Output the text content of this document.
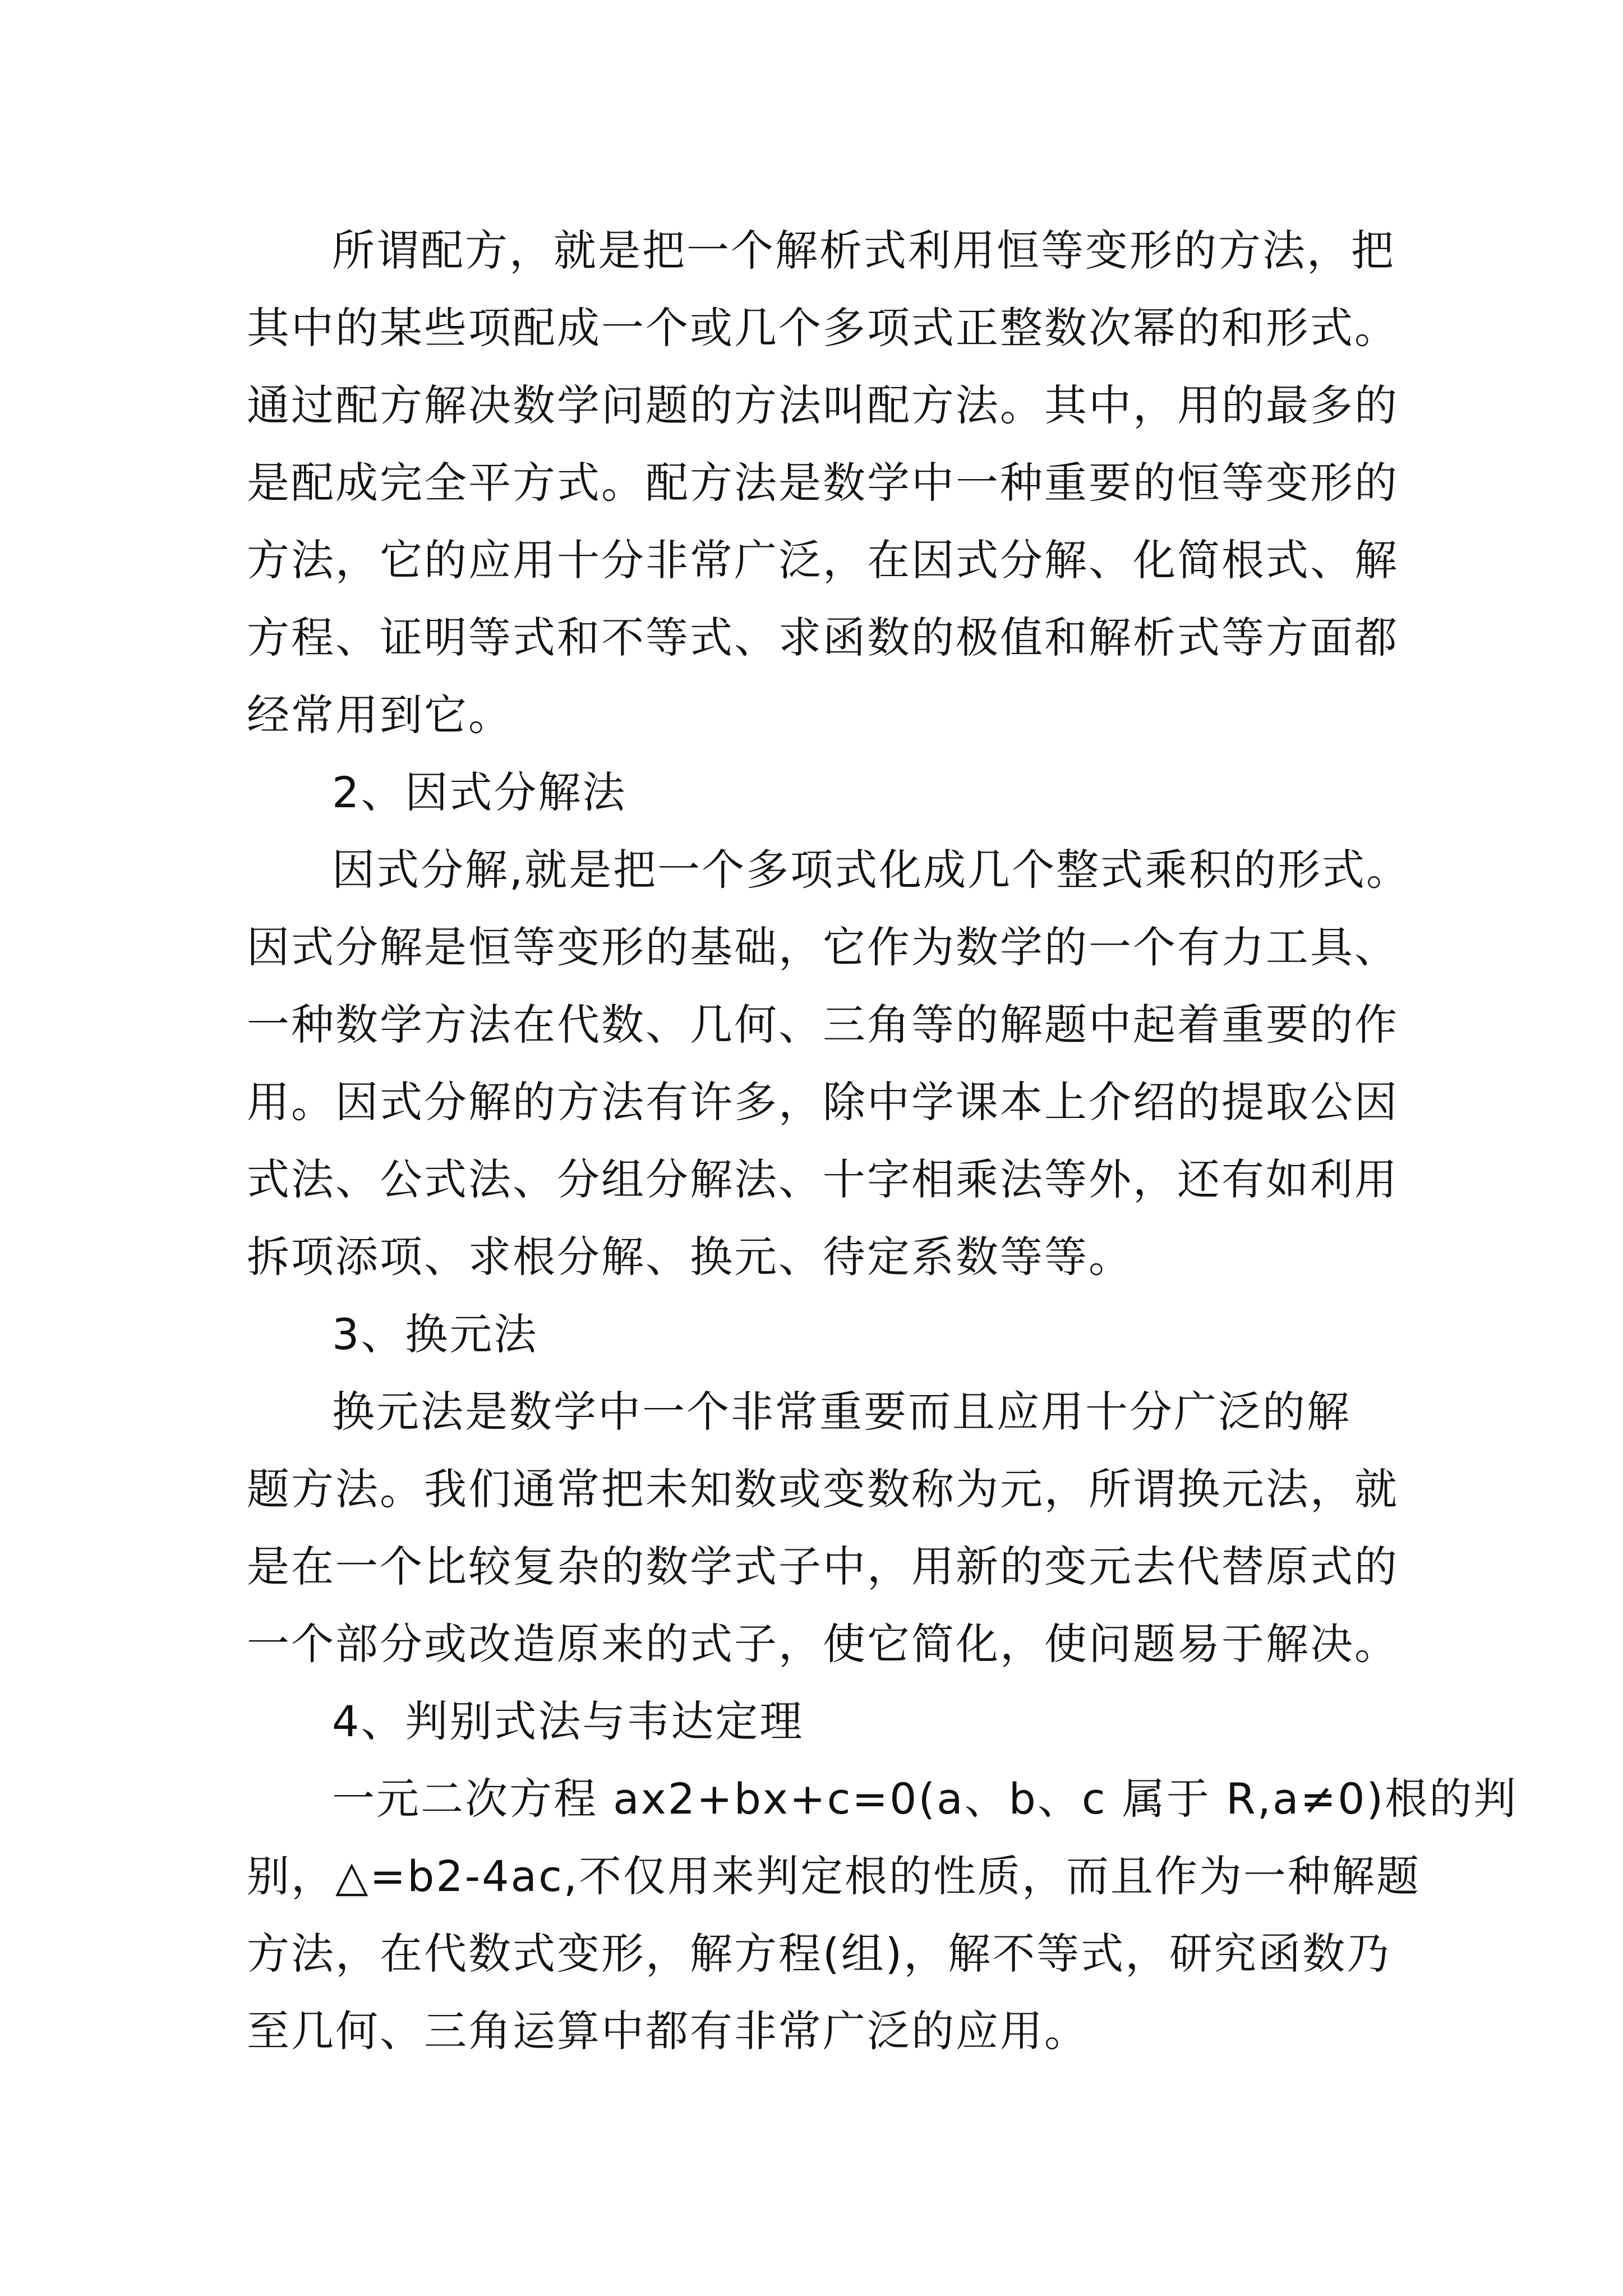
所谓配方，就是把一个解析式利用恒等变形的方法，把
其中的某些项配成一个或几个多项式正整数次幂的和形式。
通过配方解决数学问题的方法叫配方法。其中，用的最多的
是配成完全平方式。配方法是数学中一种重要的恒等变形的
方法，它的应用十分非常广泛，在因式分解、化简根式、解
方程、证明等式和不等式、求函数的极值和解析式等方面都
经常用到它。
2、因式分解法
因式分解,就是把一个多项式化成几个整式乘积的形式。
因式分解是恒等变形的基础，它作为数学的一个有力工具、
一种数学方法在代数、几何、三角等的解题中起着重要的作
用。因式分解的方法有许多，除中学课本上介绍的提取公因
式法、公式法、分组分解法、十字相乘法等外，还有如利用
拆项添项、求根分解、换元、待定系数等等。
3、换元法
换元法是数学中一个非常重要而且应用十分广泛的解
题方法。我们通常把未知数或变数称为元，所谓换元法，就
是在一个比较复杂的数学式子中，用新的变元去代替原式的
一个部分或改造原来的式子，使它简化，使问题易于解决。
4、判别式法与韦达定理
一元二次方程 ax2+bx+c=0(a、b、c 属于 R,a≠0)根的判
别，△=b2-4ac,不仅用来判定根的性质，而且作为一种解题
方法，在代数式变形，解方程(组)，解不等式，研究函数乃
至几何、三角运算中都有非常广泛的应用。
